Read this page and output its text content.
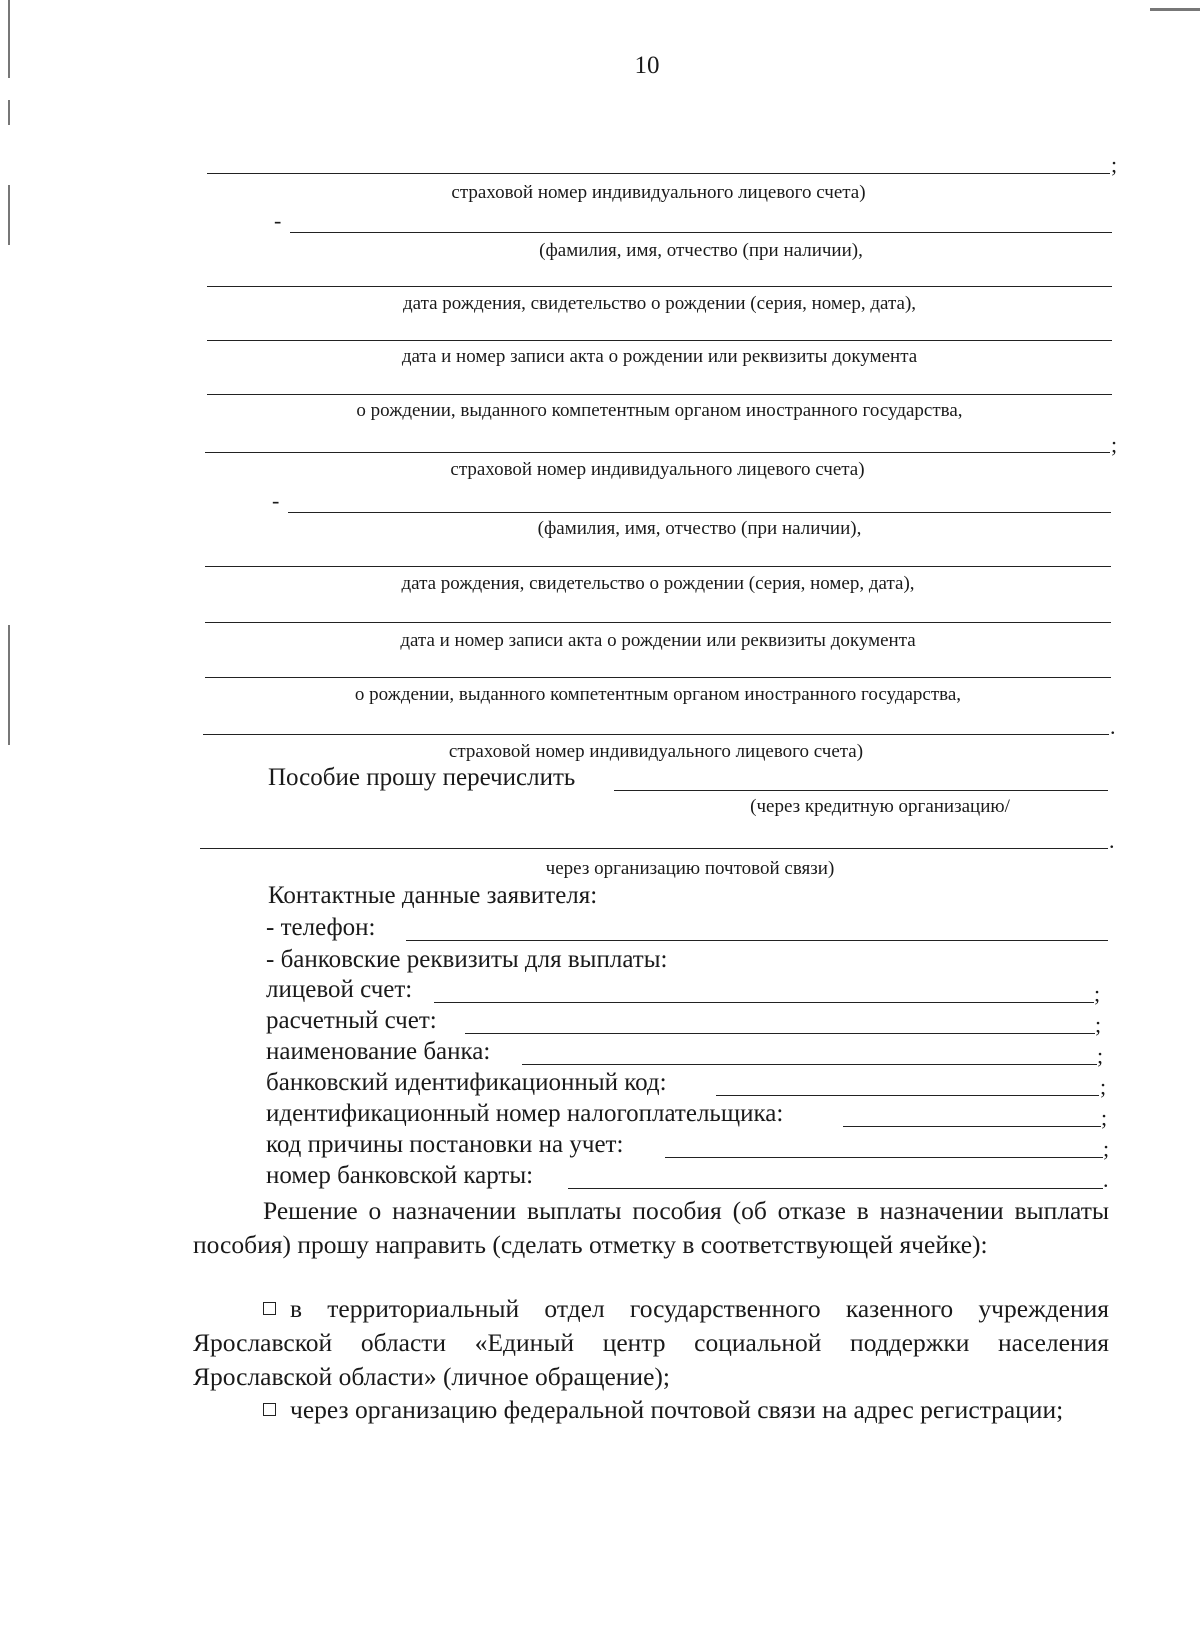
10
;
страховой номер индивидуального лицевого счета)
-
(фамилия, имя, отчество (при наличии),
дата рождения, свидетельство о рождении (серия, номер, дата),
дата и номер записи акта о рождении или реквизиты документа
о рождении, выданного компетентным органом иностранного государства,
;
страховой номер индивидуального лицевого счета)
-
(фамилия, имя, отчество (при наличии),
дата рождения, свидетельство о рождении (серия, номер, дата),
дата и номер записи акта о рождении или реквизиты документа
о рождении, выданного компетентным органом иностранного государства,
.
страховой номер индивидуального лицевого счета)
Пособие прошу перечислить
(через кредитную организацию/
.
через организацию почтовой связи)
Контактные данные заявителя:
- телефон:
- банковские реквизиты для выплаты:
лицевой счет:	;
расчетный счет:	;
наименование банка:	;
банковский идентификационный код:	;
идентификационный номер налогоплательщика:	;
код причины постановки на учет:	;
номер банковской карты:	.
Решение о назначении выплаты пособия (об отказе в назначении выплаты пособия) прошу направить (сделать отметку в соответствующей ячейке):
в территориальный отдел государственного казенного учреждения Ярославской области «Единый центр социальной поддержки населения Ярославской области» (личное обращение);
через организацию федеральной почтовой связи на адрес регистрации;
